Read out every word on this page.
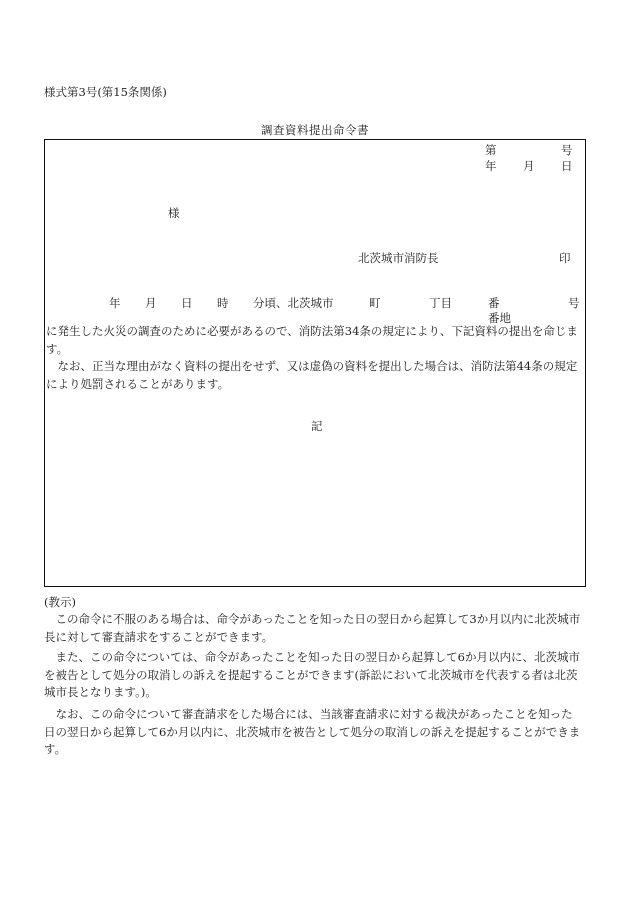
様式第3号(第15条関係)
調査資料提出命令書
第	号
年 月 日
様
北茨城市消防長	印
年 月 日 時 分頃、北茨城市	町	丁目	番	号
番地
に発生した火災の調査のために必要があるので、消防法第34条の規定により、下記資料の提出を命じます。
なお、正当な理由がなく資料の提出をせず、又は虚偽の資料を提出した場合は、消防法第44条の規定により処罰されることがあります。
記
(教示)
この命令に不服のある場合は、命令があったことを知った日の翌日から起算して3か月以内に北茨城市長に対して審査請求をすることができます。
また、この命令については、命令があったことを知った日の翌日から起算して6か月以内に、北茨城市を被告として処分の取消しの訴えを提起することができます(訴訟において北茨城市を代表する者は北茨城市長となります。)。
なお、この命令について審査請求をした場合には、当該審査請求に対する裁決があったことを知った日の翌日から起算して6か月以内に、北茨城市を被告として処分の取消しの訴えを提起することができます。
